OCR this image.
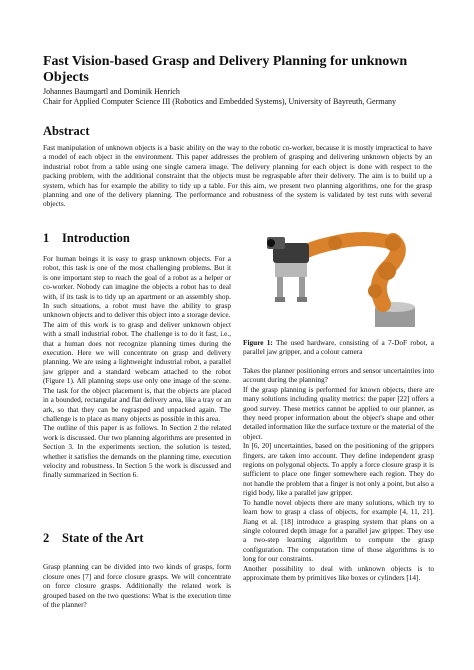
Fast Vision-based Grasp and Delivery Planning for unknown Objects

Johannes Baumgartl and Dominik Henrich

Chair for Applied Computer Science III (Robotics and Embedded Systems), University of Bayreuth, Germany

Abstract

Fast manipulation of unknown objects is a basic ability on the way to the robotic co-worker, because it is mostly impractical to have a model of each object in the environment. This paper addresses the problem of grasping and delivering unknown objects by an industrial robot from a table using one single camera image. The delivery planning for each object is done with respect to the packing problem, with the additional constraint that the objects must be regraspable after their delivery. The aim is to build up a system, which has for example the ability to tidy up a table. For this aim, we present two planning algorithms, one for the grasp planning and one of the delivery planning. The performance and robustness of the system is validated by test runs with several objects.

1 Introduction

For human beings it is easy to grasp unknown objects. For a robot, this task is one of the most challenging problems. But it is one important step to reach the goal of a robot as a helper or co-worker. Nobody can imagine the objects a robot has to deal with, if its task is to tidy up an apartment or an assembly shop. In such situations, a robot must have the ability to grasp unknown objects and to deliver this object into a storage device.

The aim of this work is to grasp and deliver unknown object with a small industrial robot. The challenge is to do it fast, i.e., that a human does not recognize planning times during the execution. Here we will concentrate on grasp and delivery planning. We are using a lightweight industrial robot, a parallel jaw gripper and a standard webcam attached to the robot (Figure 1). All planning steps use only one image of the scene. The task for the object placement is, that the objects are placed in a bounded, rectangular and flat delivery area, like a tray or an ark, so that they can be regrasped and unpacked again. The challenge is to place as many objects as possible in this area.

The outline of this paper is as follows. In Section 2 the related work is discussed. Our two planning algorithms are presented in Section 3. In the experiments section, the solution is tested, whether it satisfies the demands on the planning time, execution velocity and robustness. In Section 5 the work is discussed and finally summarized in Section 6.

2 State of the Art

Grasp planning can be divided into two kinds of grasps, form closure ones [7] and force closure grasps. We will concentrate on force closure grasps. Additionally the related work is grouped based on the two questions: What is the execution time of the planner?

Figure 1: The used hardware, consisting of a 7-DoF robot, a parallel jaw gripper, and a colour camera

Takes the planner positioning errors and sensor uncertainties into account during the planning?

If the grasp planning is performed for known objects, there are many solutions including quality metrics: the paper [22] offers a good survey. These metrics cannot be applied to our planner, as they need proper information about the object's shape and other detailed information like the surface texture or the material of the object.

In [6, 20] uncertainties, based on the positioning of the grippers fingers, are taken into account. They define independent grasp regions on polygonal objects. To apply a force closure grasp it is sufficient to place one finger somewhere each region. They do not handle the problem that a finger is not only a point, but also a rigid body, like a parallel jaw gripper.

To handle novel objects there are many solutions, which try to learn how to grasp a class of objects, for example [4, 11, 21]. Jiang et al. [18] introduce a grasping system that plans on a single coloured depth image for a parallel jaw gripper. They use a two-step learning algorithm to compute the grasp configuration. The computation time of those algorithms is to long for our constraints.

Another possibility to deal with unknown objects is to approximate them by primitives like boxes or cylinders [14].
